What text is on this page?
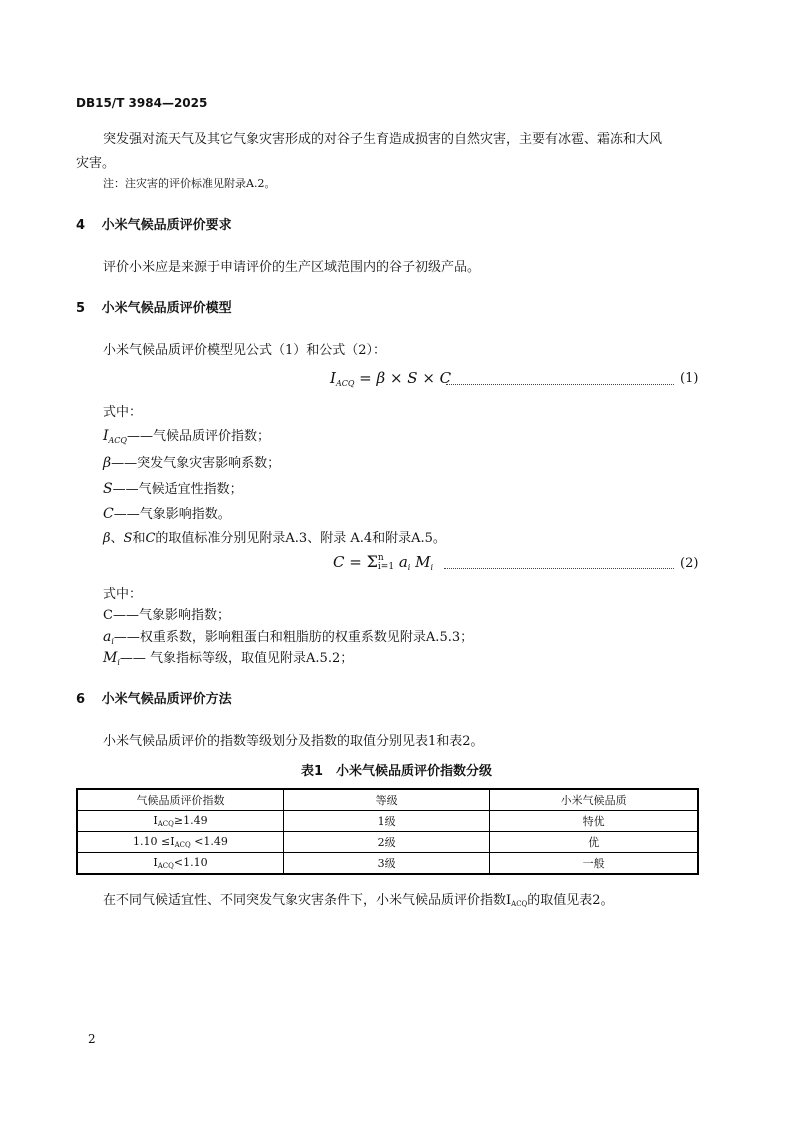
DB15/T 3984—2025
突发强对流天气及其它气象灾害形成的对谷子生育造成损害的自然灾害，主要有冰雹、霜冻和大风
灾害。
注：注灾害的评价标准见附录A.2。
4 小米气候品质评价要求
评价小米应是来源于申请评价的生产区域范围内的谷子初级产品。
5 小米气候品质评价模型
小米气候品质评价模型见公式（1）和公式（2）：
$I_{ACQ} = \beta \times S \times C$	(1)
式中：
$I_{ACQ}——$气候品质评价指数；
β——突发气象灾害影响系数；
S——气候适宜性指数；
C——气象影响指数。
β、S和C的取值标准分别见附录A.3、附录 A.4和附录A.5。
C = Σ n
i=1 $a_i$ $M_i$	(2)
式中：
C——气象影响指数；
$a_i——$权重系数，影响粗蛋白和粗脂肪的权重系数见附录A.5.3；
$M_i——$ 气象指标等级，取值见附录A.5.2；
6 小米气候品质评价方法
小米气候品质评价的指数等级划分及指数的取值分别见表1和表2。
表1　小米气候品质评价指数分级
气候品质评价指数	等级	小米气候品质
IACQ≥1.49	1级	特优
1.10 ≤IACQ <1.49	2级	优
IACQ<1.10	3级	一般
在不同气候适宜性、不同突发气象灾害条件下，小米气候品质评价指数IACQ的取值见表2。
2
